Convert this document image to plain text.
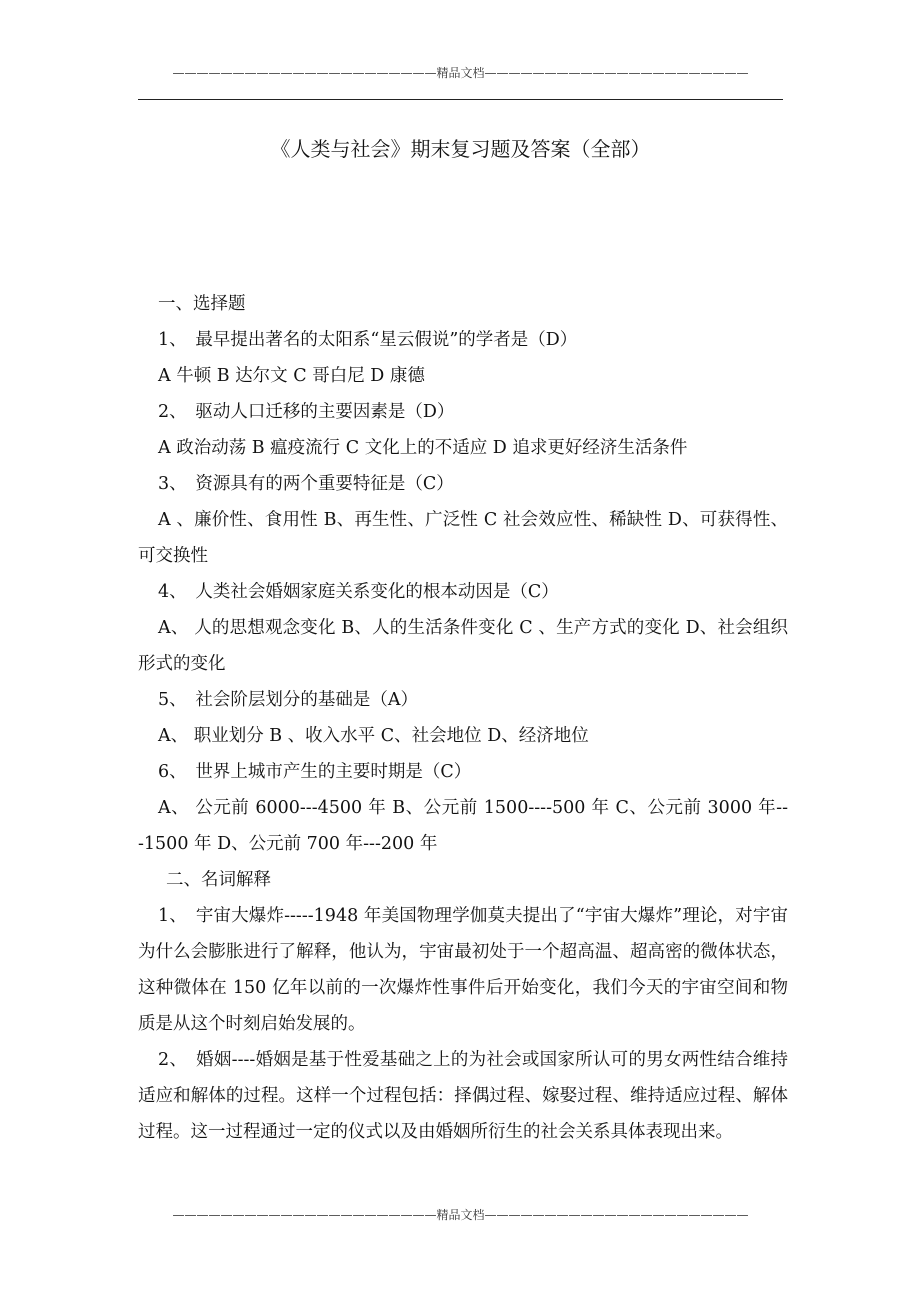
——————————————————————精品文档——————————————————————
《人类与社会》期末复习题及答案（全部）

一、选择题

1、　最早提出著名的太阳系“星云假说”的学者是（D）

A 牛顿 B 达尔文 C 哥白尼 D 康德

2、　驱动人口迁移的主要因素是（D）

A 政治动荡 B 瘟疫流行 C 文化上的不适应 D 追求更好经济生活条件

3、　资源具有的两个重要特征是（C）

A 、廉价性、食用性 B、再生性、广泛性 C 社会效应性、稀缺性 D、可获得性、可交换性

4、　人类社会婚姻家庭关系变化的根本动因是（C）

A、 人的思想观念变化 B、人的生活条件变化 C 、生产方式的变化 D、社会组织形式的变化

5、　社会阶层划分的基础是（A）

A、 职业划分 B 、收入水平 C、社会地位 D、经济地位

6、　世界上城市产生的主要时期是（C）

A、 公元前 6000---4500 年 B、公元前 1500----500 年 C、公元前 3000 年---1500 年 D、公元前 700 年---200 年

二、名词解释

1、　宇宙大爆炸-----1948 年美国物理学伽莫夫提出了“宇宙大爆炸”理论，对宇宙为什么会膨胀进行了解释，他认为，宇宙最初处于一个超高温、超高密的微体状态，这种微体在 150 亿年以前的一次爆炸性事件后开始变化，我们今天的宇宙空间和物质是从这个时刻启始发展的。

2、　婚姻----婚姻是基于性爱基础之上的为社会或国家所认可的男女两性结合维持适应和解体的过程。这样一个过程包括：择偶过程、嫁娶过程、维持适应过程、解体过程。这一过程通过一定的仪式以及由婚姻所衍生的社会关系具体表现出来。

——————————————————————精品文档——————————————————————
